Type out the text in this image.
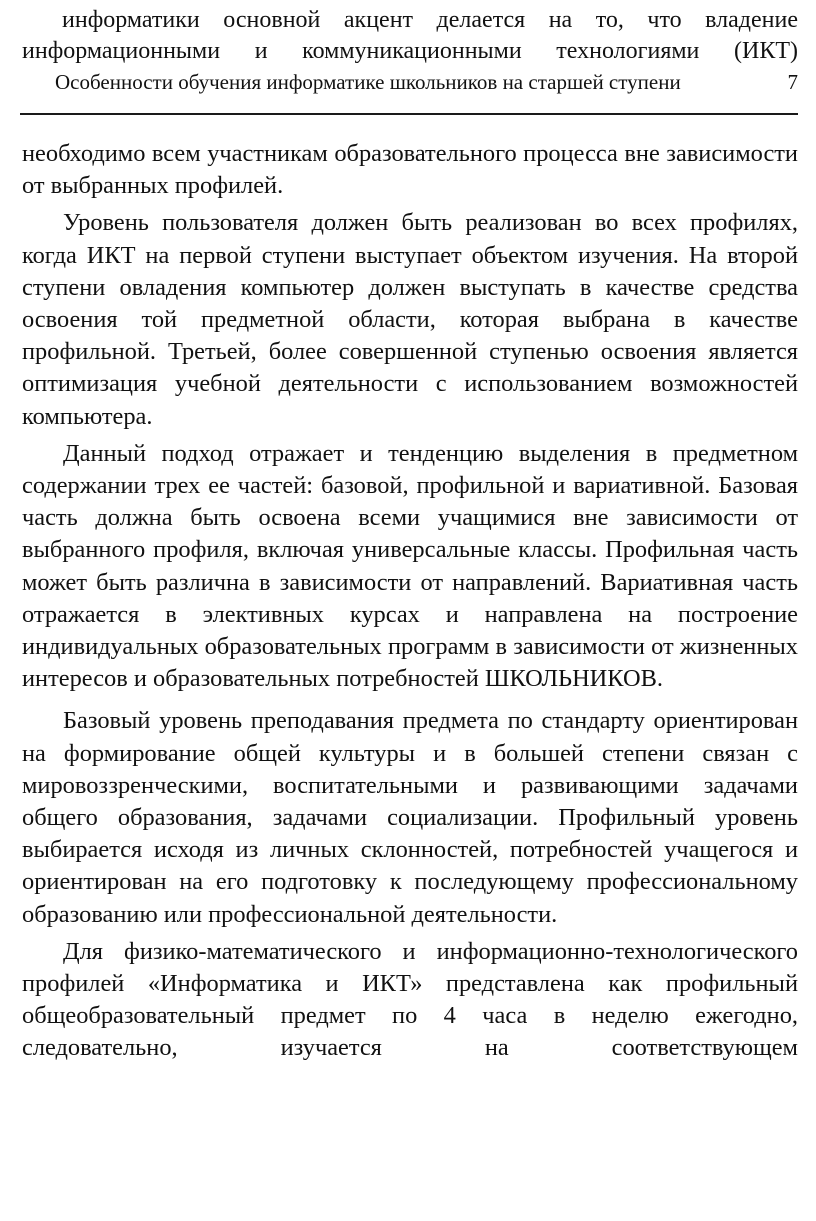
информатики основной акцент делается на то, что владение
информационными и коммуникационными технологиями (ИКТ)
Особенности обучения информатике школьников на старшей ступени	7

необходимо всем участникам образовательного процесса вне зависимости от выбранных профилей.

Уровень пользователя должен быть реализован во всех профилях, когда ИКТ на первой ступени выступает объектом изучения. На второй ступени овладения компьютер должен выступать в качестве средства освоения той предметной области, которая выбрана в качестве профильной. Третьей, более совершенной ступенью освоения является оптимизация учебной деятельности с использованием возможностей компьютера.

Данный подход отражает и тенденцию выделения в предметном содержании трех ее частей: базовой, профильной и вариативной. Базовая часть должна быть освоена всеми учащимися вне зависимости от выбранного профиля, включая универсальные классы. Профильная часть может быть различна в зависимости от направлений. Вариативная часть отражается в элективных курсах и направлена на построение индивидуальных образовательных программ в зависимости от жизненных интересов и образовательных потребностей ШКОЛЬНИКОВ.

Базовый уровень преподавания предмета по стандарту ориентирован на формирование общей культуры и в большей степени связан с мировоззренческими, воспитательными и развивающими задачами общего образования, задачами социализации. Профильный уровень выбирается исходя из личных склонностей, потребностей учащегося и ориентирован на его подготовку к последующему профессиональному образованию или профессиональной деятельности.

Для физико-математического и информационно-технологического профилей «Информатика и ИКТ» представлена как профильный общеобразовательный предмет по 4 часа в неделю ежегодно, следовательно, изучается на соответствующем
